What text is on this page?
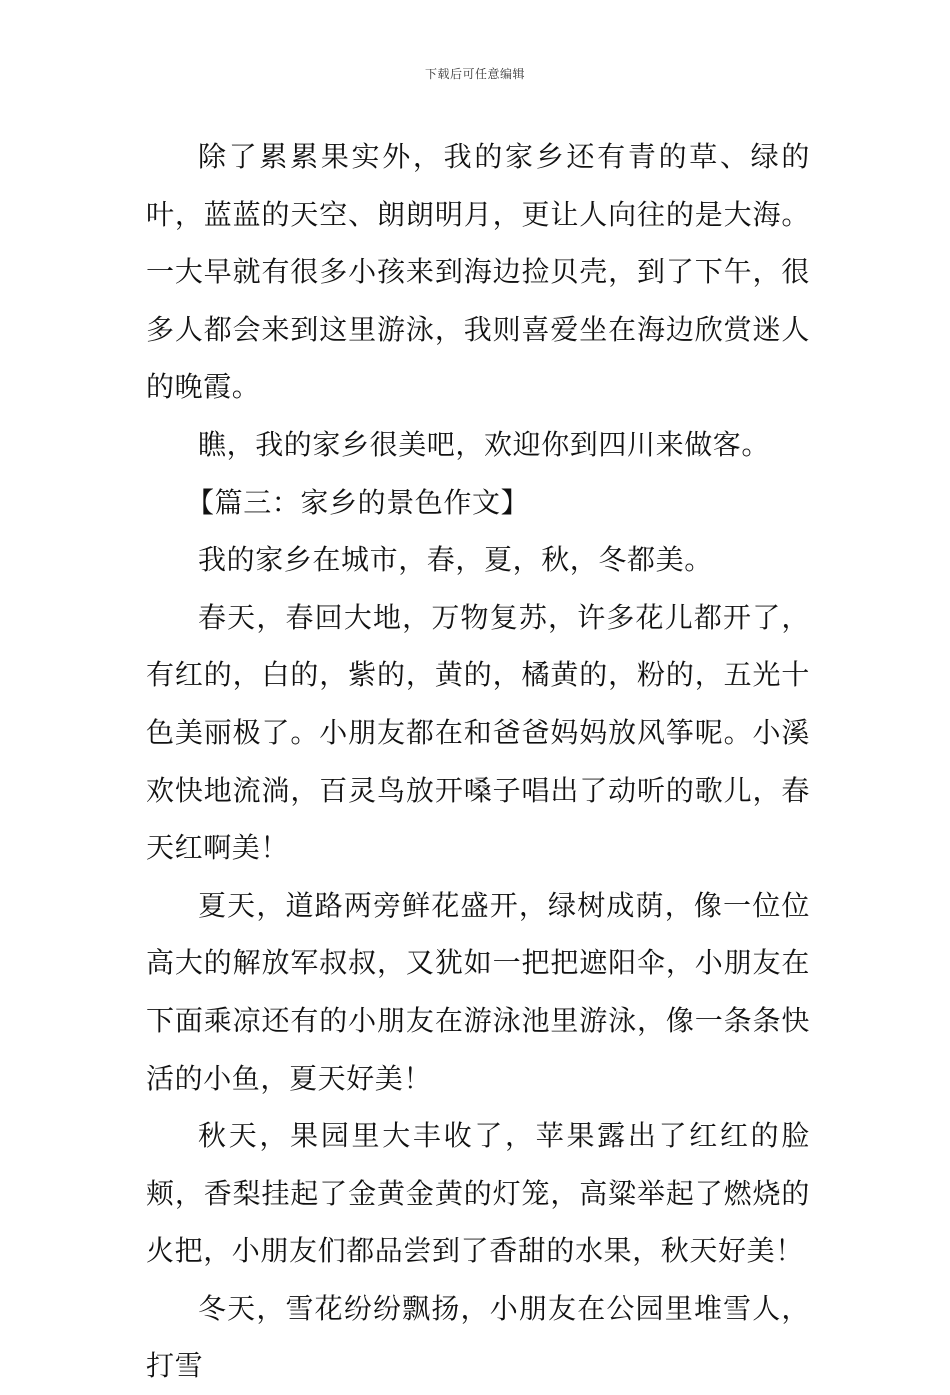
下载后可任意编辑

除了累累果实外，我的家乡还有青的草、绿的叶，蓝蓝的天空、朗朗明月，更让人向往的是大海。一大早就有很多小孩来到海边捡贝壳，到了下午，很多人都会来到这里游泳，我则喜爱坐在海边欣赏迷人的晚霞。

瞧，我的家乡很美吧，欢迎你到四川来做客。

【篇三：家乡的景色作文】

我的家乡在城市，春，夏，秋，冬都美。

春天，春回大地，万物复苏，许多花儿都开了，有红的，白的，紫的，黄的，橘黄的，粉的，五光十色美丽极了。小朋友都在和爸爸妈妈放风筝呢。小溪欢快地流淌，百灵鸟放开嗓子唱出了动听的歌儿，春天红啊美！

夏天，道路两旁鲜花盛开，绿树成荫，像一位位高大的解放军叔叔，又犹如一把把遮阳伞，小朋友在下面乘凉还有的小朋友在游泳池里游泳，像一条条快活的小鱼，夏天好美！

秋天，果园里大丰收了，苹果露出了红红的脸颊，香梨挂起了金黄金黄的灯笼，高粱举起了燃烧的火把，小朋友们都品尝到了香甜的水果，秋天好美！

冬天，雪花纷纷飘扬，小朋友在公园里堆雪人，打雪
